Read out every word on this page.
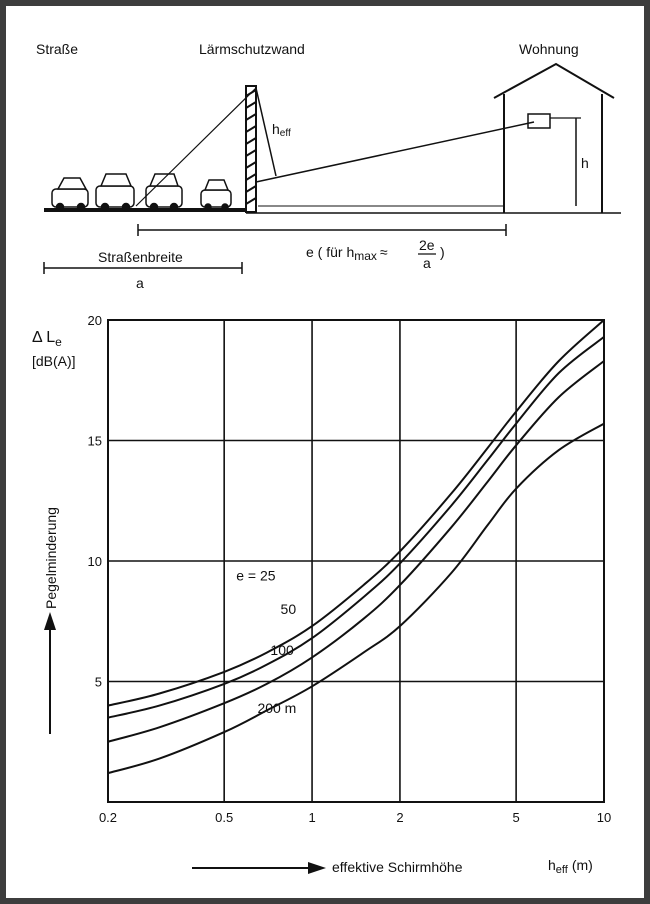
Straße	Lärmschutzwand	Wohnung
heff
h
e ( für hmax ≈ 2e
a
)
Straßenbreite
a
0.2	0.5	1	2	5	10
5
10
15
20
e = 25
50
100
200 m
Δ $L_e$
[dB(A)]
Pegelminderung
effektive Schirmhöhe	$h_{eff}$ (m)
